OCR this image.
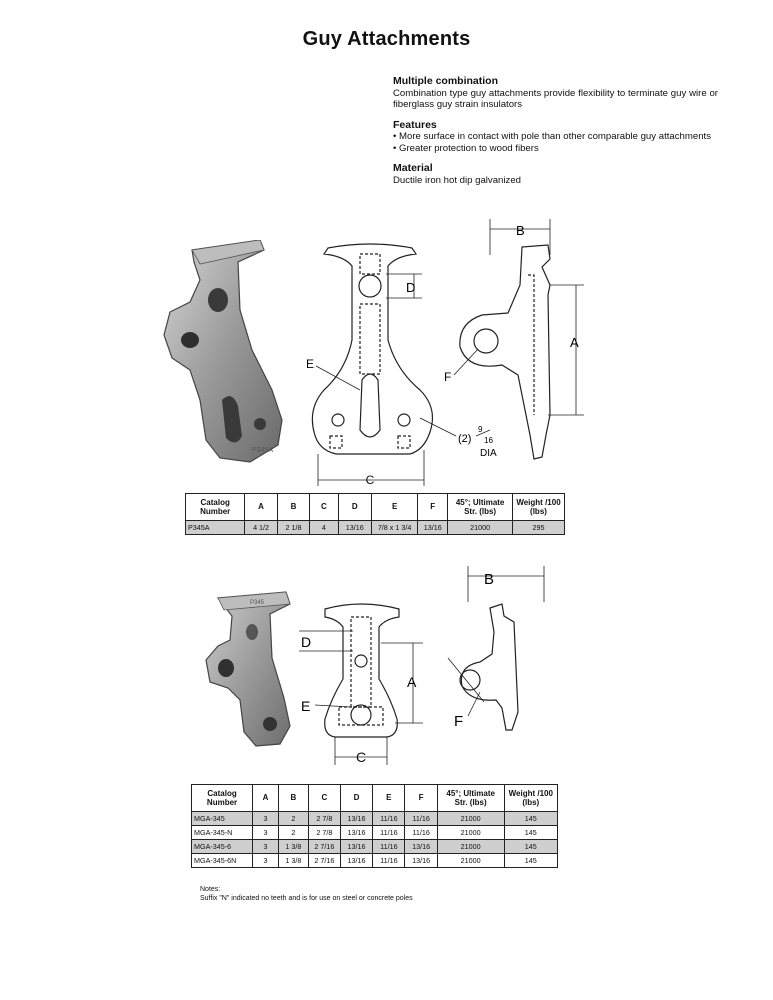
Guy Attachments
Multiple combination

Combination type guy attachments provide flexibility to terminate guy wire or fiberglass guy strain insulators

Features

• More surface in contact with pole than other comparable guy attachments

• Greater protection to wood fibers

Material

Ductile iron hot dip galvanized

P345A
D
E
C
(2)
9
16
DIA
B
A
F
Catalog Number	A	B	C	D	E	F	45°; Ultimate Str. (lbs)	Weight /100 (lbs)
P345A	4 1/2	2 1/8	4	13/16	7/8 x 1 3/4	13/16	21000	295
P345
D
A
E
C
B
F
Catalog Number	A	B	C	D	E	F	45°; Ultimate Str. (lbs)	Weight /100 (lbs)
MGA-345	3	2	2 7/8	13/16	11/16	11/16	21000	145
MGA-345-N	3	2	2 7/8	13/16	11/16	11/16	21000	145
MGA-345-6	3	1 3/8	2 7/16	13/16	11/16	13/16	21000	145
MGA-345-6N	3	1 3/8	2 7/16	13/16	11/16	13/16	21000	145
Notes:
Suffix "N" indicated no teeth and is for use on steel or concrete poles
